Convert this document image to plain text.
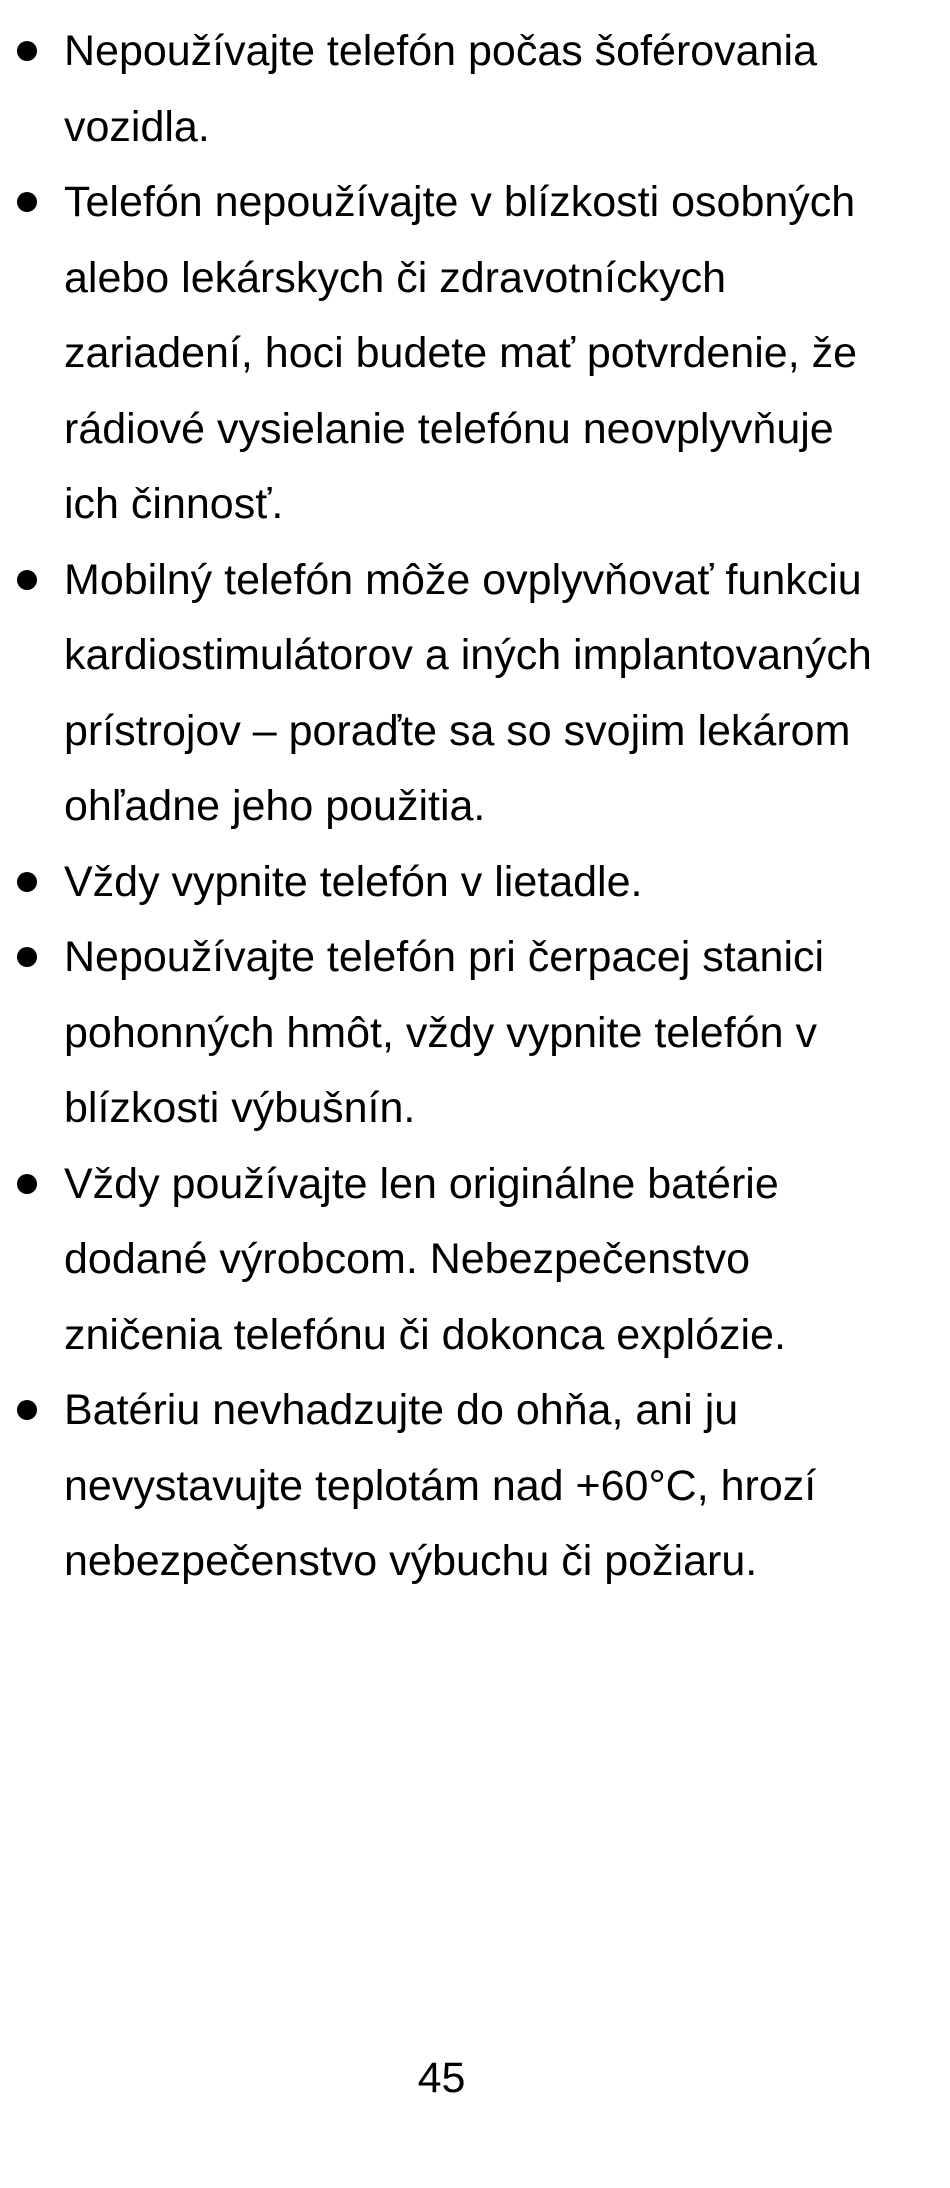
Nepoužívajte telefón počas šoférovania vozidla.
Telefón nepoužívajte v blízkosti osobných alebo lekárskych či zdravotníckych zariadení, hoci budete mať potvrdenie, že rádiové vysielanie telefónu neovplyvňuje ich činnosť.
Mobilný telefón môže ovplyvňovať funkciu kardiostimulátorov a iných implantovaných prístrojov – poraďte sa so svojim lekárom ohľadne jeho použitia.
Vždy vypnite telefón v lietadle.
Nepoužívajte telefón pri čerpacej stanici pohonných hmôt, vždy vypnite telefón v blízkosti výbušnín.
Vždy používajte len originálne batérie dodané výrobcom. Nebezpečenstvo zničenia telefónu či dokonca explózie.
Batériu nevhadzujte do ohňa, ani ju nevystavujte teplotám nad +60°C, hrozí nebezpečenstvo výbuchu či požiaru.
45
